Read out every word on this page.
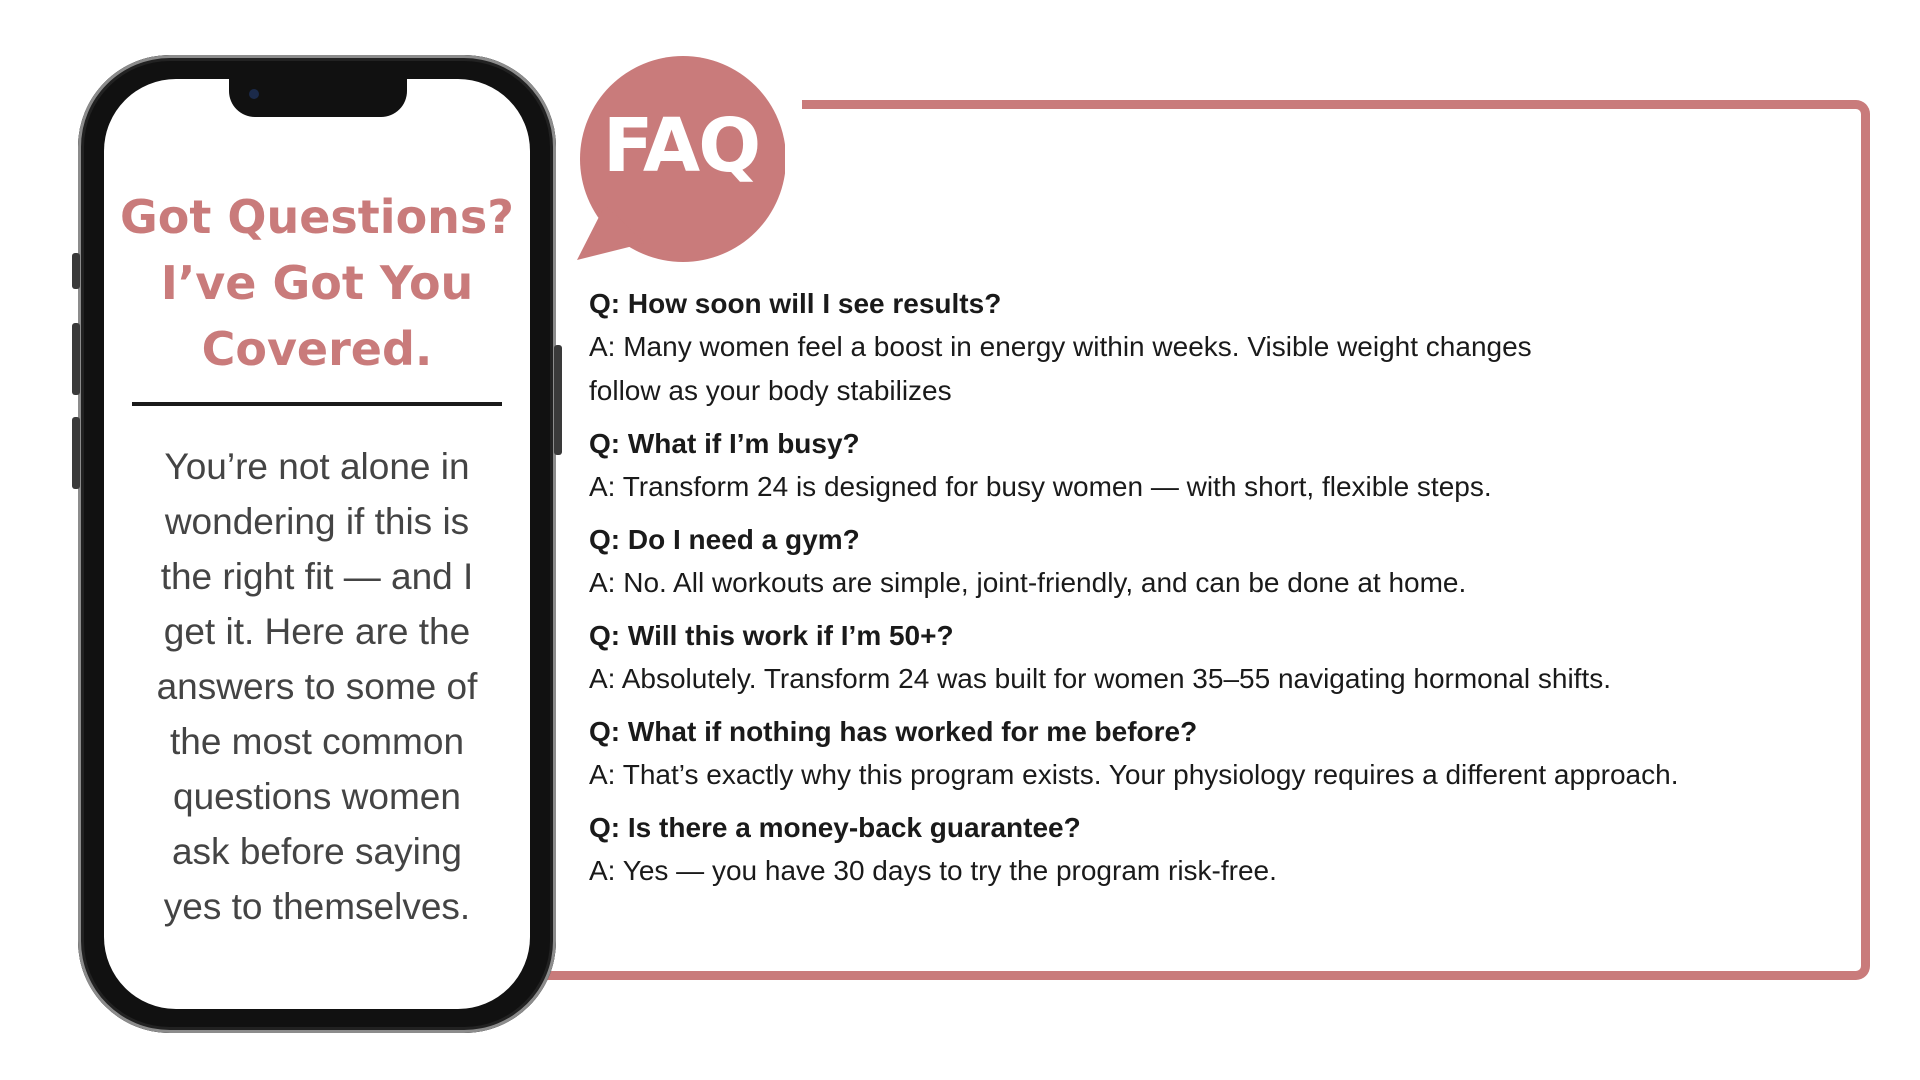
FAQ

Q: How soon will I see results?

A: Many women feel a boost in energy within weeks. Visible weight changes follow as your body stabilizes

Q: What if I’m busy?

A: Transform 24 is designed for busy women — with short, flexible steps.

Q: Do I need a gym?

A: No. All workouts are simple, joint-friendly, and can be done at home.

Q: Will this work if I’m 50+?

A: Absolutely. Transform 24 was built for women 35–55 navigating hormonal shifts.

Q: What if nothing has worked for me before?

A: That’s exactly why this program exists. Your physiology requires a different approach.

Q: Is there a money-back guarantee?

A: Yes — you have 30 days to try the program risk-free.

Got Questions? I’ve Got You Covered.

You’re not alone in wondering if this is the right fit — and I get it. Here are the answers to some of the most common questions women ask before saying yes to themselves.
